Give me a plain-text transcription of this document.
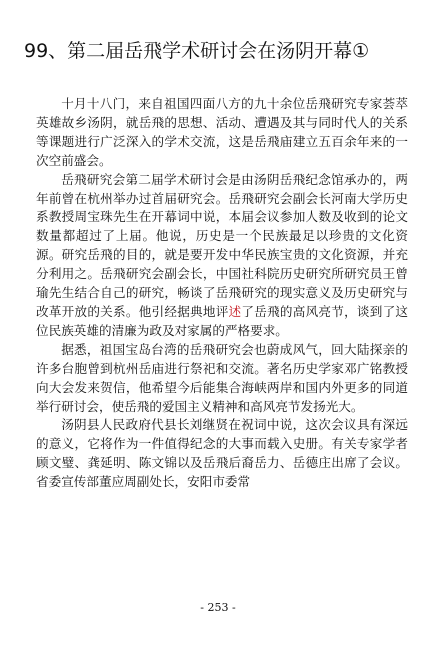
99、第二届岳飛学术研讨会在汤阴开幕①

十月十八门，来自祖国四面八方的九十余位岳飛研究专家荟萃英雄故乡汤阴，就岳飛的思想、活动、遭遇及其与同时代人的关系等课题进行广泛深入的学术交流，这是岳飛庙建立五百余年来的一次空前盛会。

岳飛研究会第二届学术研讨会是由汤阴岳飛纪念馆承办的，两年前曾在杭州举办过首届研究会。岳飛研究会副会长河南大学历史系教授周宝珠先生在开幕词中说，本届会议参加人数及收到的论文数量都超过了上届。他说，历史是一个民族最足以珍贵的文化资源。研究岳飛的目的，就是要开发中华民族宝贵的文化资源，并充分利用之。岳飛研究会副会长，中国社科院历史研究所研究员王曾瑜先生结合自己的研究，畅谈了岳飛研究的现实意义及历史研究与改革开放的关系。他引经据典地评述了岳飛的高风亮节，谈到了这位民族英雄的清廉为政及对家属的严格要求。

据悉，祖国宝岛台湾的岳飛研究会也蔚成风气，回大陆探亲的许多台胞曾到杭州岳庙进行祭祀和交流。著名历史学家邓广铭教授向大会发来贺信，他希望今后能集合海峡两岸和国内外更多的同道举行研讨会，使岳飛的爱国主义精神和高风亮节发扬光大。

汤阴县人民政府代县长刘继贤在祝词中说，这次会议具有深远的意义，它将作为一件值得纪念的大事而载入史册。有关专家学者顾文璧、龚延明、陈文锦以及岳飛后裔岳力、岳德庄出席了会议。省委宣传部董应周副处长，安阳市委常

- 253 -
